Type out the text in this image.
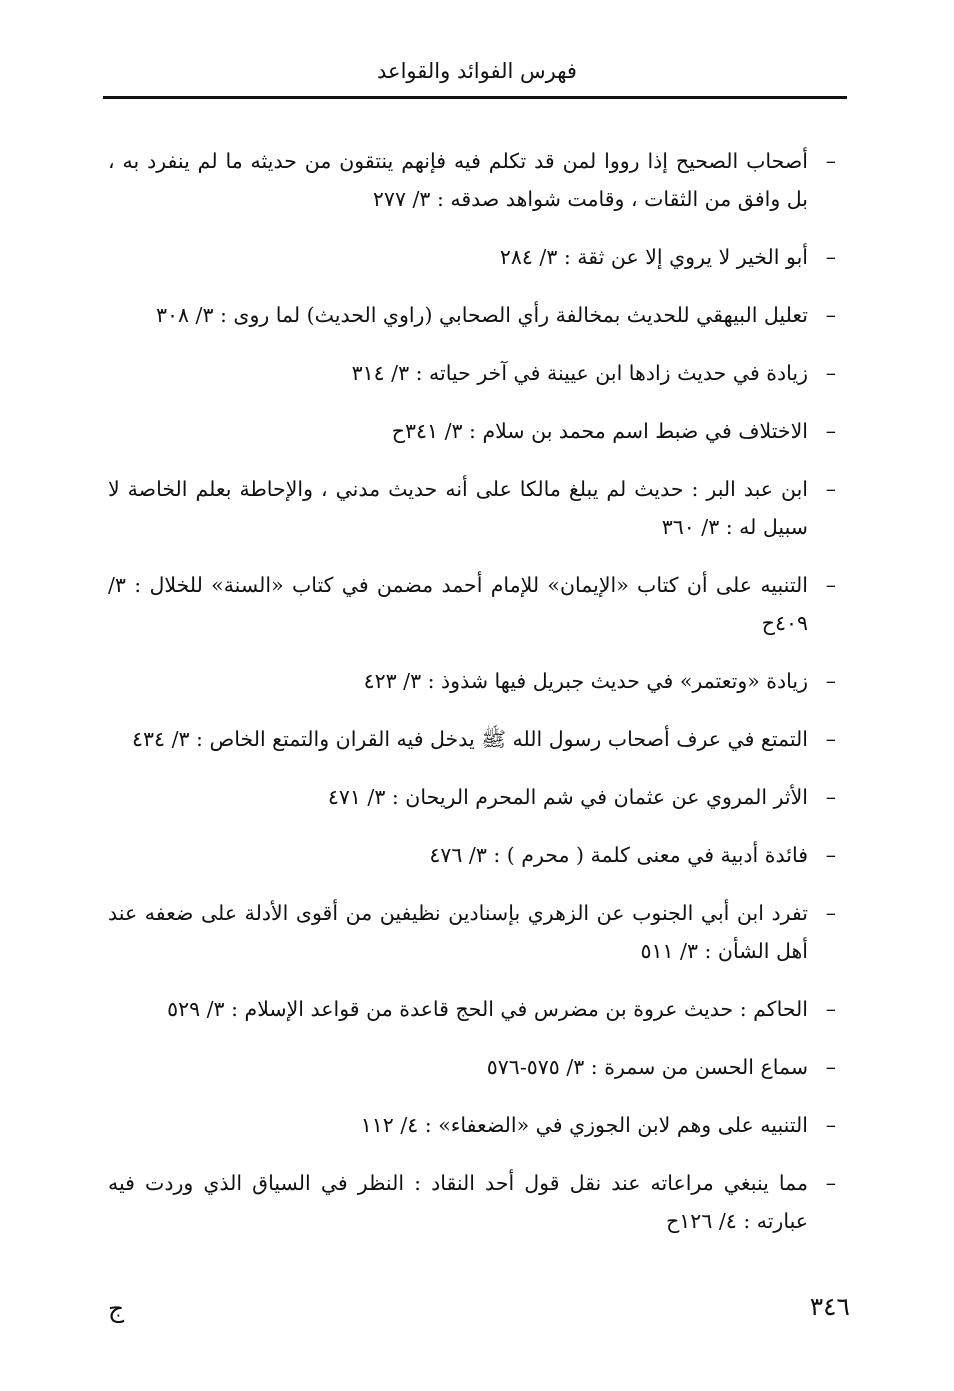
فهرس الفوائد والقواعد
–
أصحاب الصحيح إذا رووا لمن قد تكلم فيه فإنهم ينتقون من حديثه ما لم ينفرد به ، بل وافق من الثقات ، وقامت شواهد صدقه : ٣/ ٢٧٧
–
أبو الخير لا يروي إلا عن ثقة : ٣/ ٢٨٤
–
تعليل البيهقي للحديث بمخالفة رأي الصحابي (راوي الحديث) لما روى : ٣/ ٣٠٨
–
زيادة في حديث زادها ابن عيينة في آخر حياته : ٣/ ٣١٤
–
الاختلاف في ضبط اسم محمد بن سلام : ٣/ ٣٤١ح
–
ابن عبد البر : حديث لم يبلغ مالكا على أنه حديث مدني ، والإحاطة بعلم الخاصة لا سبيل له : ٣/ ٣٦٠
–
التنبيه على أن كتاب «الإيمان» للإمام أحمد مضمن في كتاب «السنة» للخلال : ٣/ ٤٠٩ح
–
زيادة «وتعتمر» في حديث جبريل فيها شذوذ : ٣/ ٤٢٣
–
التمتع في عرف أصحاب رسول الله ﷺ يدخل فيه القران والتمتع الخاص : ٣/ ٤٣٤
–
الأثر المروي عن عثمان في شم المحرم الريحان : ٣/ ٤٧١
–
فائدة أدبية في معنى كلمة ( محرم ) : ٣/ ٤٧٦
–
تفرد ابن أبي الجنوب عن الزهري بإسنادين نظيفين من أقوى الأدلة على ضعفه عند أهل الشأن : ٣/ ٥١١
–
الحاكم : حديث عروة بن مضرس في الحج قاعدة من قواعد الإسلام : ٣/ ٥٢٩
–
سماع الحسن من سمرة : ٣/ ٥٧٥-٥٧٦
–
التنبيه على وهم لابن الجوزي في «الضعفاء» : ٤/ ١١٢
–
مما ينبغي مراعاته عند نقل قول أحد النقاد : النظر في السياق الذي وردت فيه عبارته : ٤/ ١٢٦ح
٣٤٦
ج
